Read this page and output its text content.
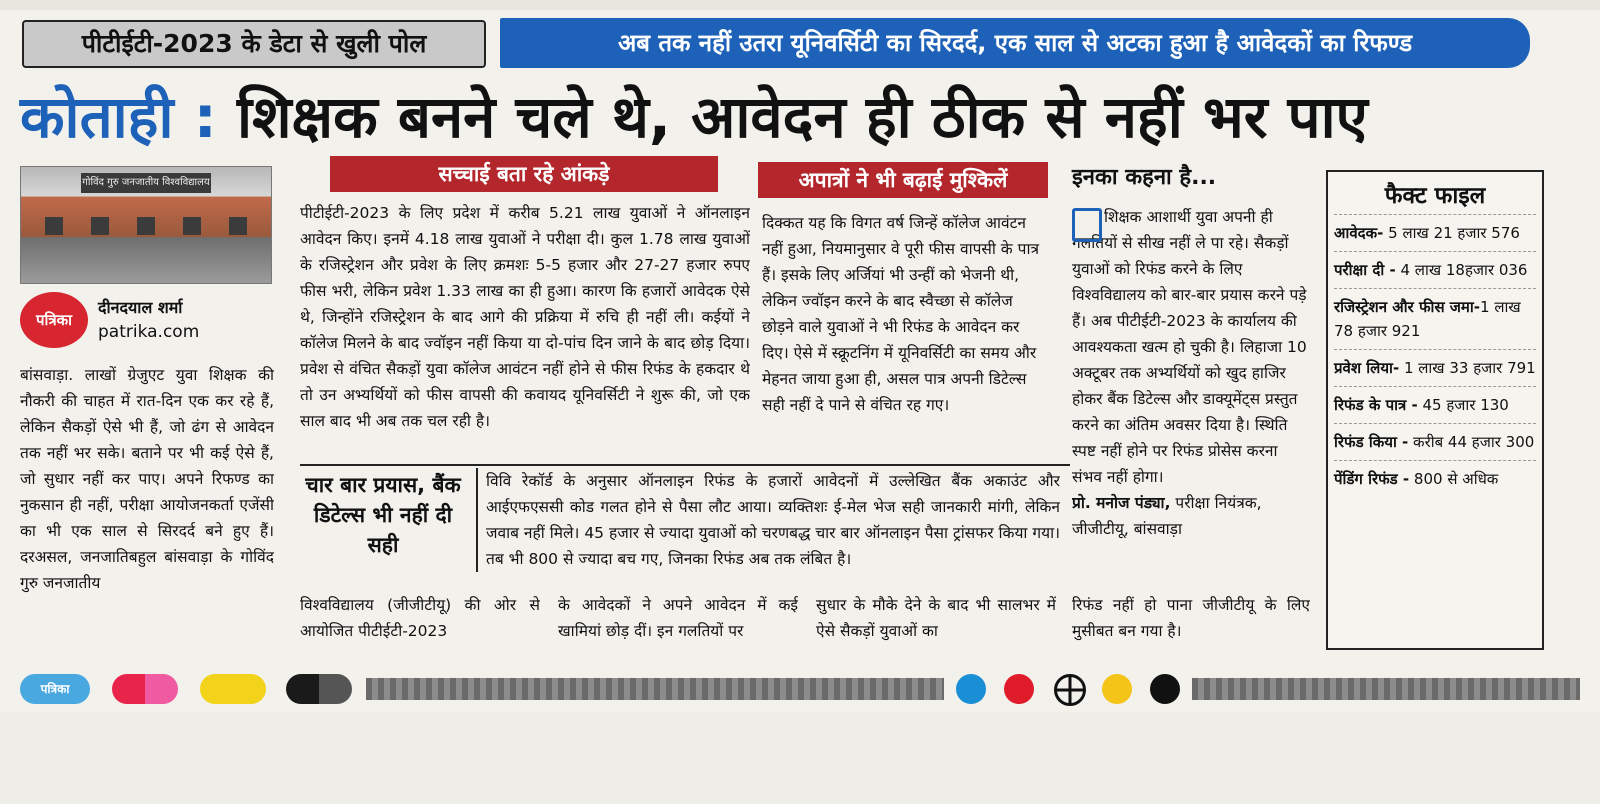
पीटीईटी-2023 के डेटा से खुली पोल	अब तक नहीं उतरा यूनिवर्सिटी का सिरदर्द, एक साल से अटका हुआ है आवेदकों का रिफण्ड
कोताही : शिक्षक बनने चले थे, आवेदन ही ठीक से नहीं भर पाए
गोविंद गुरु जनजातीय विश्वविद्यालय
पत्रिका
दीनदयाल शर्मा
patrika.com
बांसवाड़ा. लाखों ग्रेजुएट युवा शिक्षक की नौकरी की चाहत में रात-दिन एक कर रहे हैं, लेकिन सैकड़ों ऐसे भी हैं, जो ढंग से आवेदन तक नहीं भर सके। बताने पर भी कई ऐसे हैं, जो सुधार नहीं कर पाए। अपने रिफण्ड का नुकसान ही नहीं, परीक्षा आयोजनकर्ता एजेंसी का भी एक साल से सिरदर्द बने हुए हैं। दरअसल, जनजातिबहुल बांसवाड़ा के गोविंद गुरु जनजातीय
सच्चाई बता रहे आंकड़े
पीटीईटी-2023 के लिए प्रदेश में करीब 5.21 लाख युवाओं ने ऑनलाइन आवेदन किए। इनमें 4.18 लाख युवाओं ने परीक्षा दी। कुल 1.78 लाख युवाओं के रजिस्ट्रेशन और प्रवेश के लिए क्रमशः 5-5 हजार और 27-27 हजार रुपए फीस भरी, लेकिन प्रवेश 1.33 लाख का ही हुआ। कारण कि हजारों आवेदक ऐसे थे, जिन्होंने रजिस्ट्रेशन के बाद आगे की प्रक्रिया में रुचि ही नहीं ली। कईयों ने कॉलेज मिलने के बाद ज्वॉइन नहीं किया या दो-पांच दिन जाने के बाद छोड़ दिया। प्रवेश से वंचित सैकड़ों युवा कॉलेज आवंटन नहीं होने से फीस रिफंड के हकदार थे तो उन अभ्यर्थियों को फीस वापसी की कवायद यूनिवर्सिटी ने शुरू की, जो एक साल बाद भी अब तक चल रही है।
अपात्रों ने भी बढ़ाई मुश्किलें
दिक्कत यह कि विगत वर्ष जिन्हें कॉलेज आवंटन नहीं हुआ, नियमानुसार वे पूरी फीस वापसी के पात्र हैं। इसके लिए अर्जियां भी उन्हीं को भेजनी थी, लेकिन ज्वॉइन करने के बाद स्वैच्छा से कॉलेज छोड़ने वाले युवाओं ने भी रिफंड के आवेदन कर दिए। ऐसे में स्क्रूटनिंग में यूनिवर्सिटी का समय और मेहनत जाया हुआ ही, असल पात्र अपनी डिटेल्स सही नहीं दे पाने से वंचित रह गए।
इनका कहना है...
शिक्षक आशार्थी युवा अपनी ही गलतियों से सीख नहीं ले पा रहे। सैकड़ों युवाओं को रिफंड करने के लिए विश्वविद्यालय को बार-बार प्रयास करने पड़े हैं। अब पीटीईटी-2023 के कार्यालय की आवश्यकता खत्म हो चुकी है। लिहाजा 10 अक्टूबर तक अभ्यर्थियों को खुद हाजिर होकर बैंक डिटेल्स और डाक्यूमेंट्स प्रस्तुत करने का अंतिम अवसर दिया है। स्थिति स्पष्ट नहीं होने पर रिफंड प्रोसेस करना संभव नहीं होगा।
प्रो. मनोज पंड्या, परीक्षा नियंत्रक, जीजीटीयू, बांसवाड़ा
चार बार प्रयास, बैंक डिटेल्स भी नहीं दी सही
विवि रेकॉर्ड के अनुसार ऑनलाइन रिफंड के हजारों आवेदनों में उल्लेखित बैंक अकाउंट और आईएफएससी कोड गलत होने से पैसा लौट आया। व्यक्तिशः ई-मेल भेज सही जानकारी मांगी, लेकिन जवाब नहीं मिले। 45 हजार से ज्यादा युवाओं को चरणबद्ध चार बार ऑनलाइन पैसा ट्रांसफर किया गया। तब भी 800 से ज्यादा बच गए, जिनका रिफंड अब तक लंबित है।
विश्वविद्यालय (जीजीटीयू) की ओर से आयोजित पीटीईटी-2023
के आवेदकों ने अपने आवेदन में कई खामियां छोड़ दीं। इन गलतियों पर
सुधार के मौके देने के बाद भी सालभर में ऐसे सैकड़ों युवाओं का
रिफंड नहीं हो पाना जीजीटीयू के लिए मुसीबत बन गया है।
फैक्ट फाइल
आवेदक- 5 लाख 21 हजार 576
परीक्षा दी - 4 लाख 18हजार 036
रजिस्ट्रेशन और फीस जमा-1 लाख 78 हजार 921
प्रवेश लिया- 1 लाख 33 हजार 791
रिफंड के पात्र - 45 हजार 130
रिफंड किया - करीब 44 हजार 300
पेंडिंग रिफंड - 800 से अधिक
पत्रिका
